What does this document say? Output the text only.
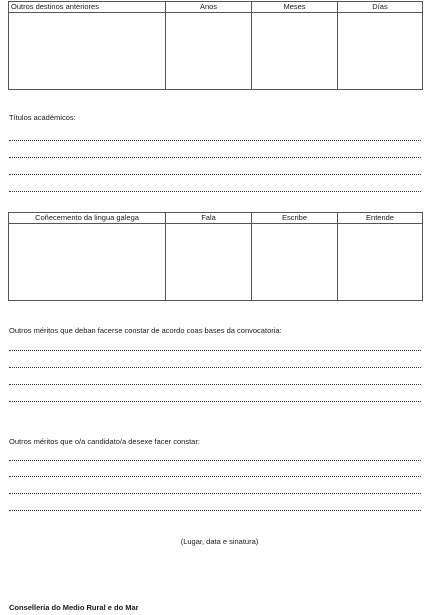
Outros destinos anteriores	Anos	Meses	Días

Títulos académicos:
Coñecemento da lingua galega	Fala	Escribe	Entende

Outros méritos que deban facerse constar de acordo coas bases da convocatoria:
Outros méritos que o/a candidato/a desexe facer constar:
(Lugar, data e sinatura)
Consellería do Medio Rural e do Mar
